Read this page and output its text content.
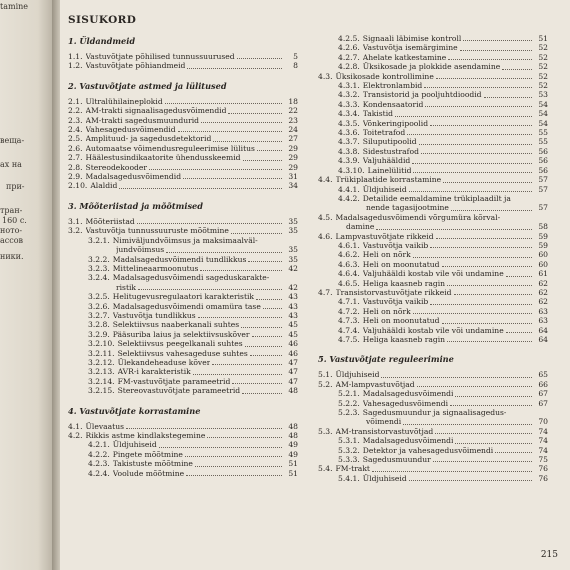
tamine
вещa-
ах на
при-
тран-
160 с.
ното-
ассов
ники.
SISUKORD
1. Üldandmeid
1.1. Vastuvõtjate põhilised tunnussuurused	5
1.2. Vastuvõtjate põhiandmeid	8
2. Vastuvõtjate astmed ja lülitused
2.1. Ultralühilaineplokid	18
2.2. AM-trakti signaalisagedusvõimendid	22
2.3. AM-trakti sagedusmuundurid	23
2.4. Vahesagedusvõimendid	24
2.5. Amplituud- ja sagedusdetektorid	27
2.6. Automaatse võimendusreguleerimise lülitus	29
2.7. Häälestusindikaatorite ühendusskeemid	29
2.8. Stereodekooder	29
2.9. Madalsagedusvõimendid	31
2.10. Alaldid	34
3. Mõõteriistad ja mõõtmised
3.1. Mõõteriistad	35
3.2. Vastuvõtja tunnussuuruste mõõtmine	35
3.2.1. Nimiväljundvõimsus ja maksimaalväl-
jundvõimsus	35
3.2.2. Madalsagedusvõimendi tundlikkus	35
3.2.3. Mittelineaarmoonutus	42
3.2.4. Madalsagedusvõimendi sageduskarakte-
ristik	42
3.2.5. Helitugevusregulaatori karakteristik	43
3.2.6. Madalsagedusvõimendi omamüra tase	43
3.2.7. Vastuvõtja tundlikkus	43
3.2.8. Selektiivsus naaberkanali suhtes	45
3.2.9. Pääsuriba laius ja selektiivsuskõver	45
3.2.10. Selektiivsus peegelkanali suhtes	46
3.2.11. Selektiivsus vahesageduse suhtes	46
3.2.12. Ülekandeheaduse kõver	47
3.2.13. AVR-i karakteristik	47
3.2.14. FM-vastuvõtjate parameetrid	47
3.2.15. Stereovastuvõtjate parameetrid	48
4. Vastuvõtjate korrastamine
4.1. Ülevaatus	48
4.2. Rikkis astme kindlakstegemine	48
4.2.1. Üldjuhiseid	49
4.2.2. Pingete mõõtmine	49
4.2.3. Takistuste mõõtmine	51
4.2.4. Voolude mõõtmine	51
4.2.5. Signaali läbimise kontroll	51
4.2.6. Vastuvõtja isemärgimine	52
4.2.7. Ahelate katkestamine	52
4.2.8. Üksikosade ja plokkide asendamine	52
4.3. Üksikosade kontrollimine	52
4.3.1. Elektronlambid	52
4.3.2. Transistorid ja pooljuhtdioodid	53
4.3.3. Kondensaatorid	54
4.3.4. Takistid	54
4.3.5. Võnkeringipoolid	54
4.3.6. Toitetrafod	55
4.3.7. Siluputipoolid	55
4.3.8. Sidestustrafod	56
4.3.9. Valjuhääldid	56
4.3.10. Lainelülitid	56
4.4. Trükiplaatide korrastamine	57
4.4.1. Üldjuhiseid	57
4.4.2. Detailide eemaldamine trükiplaadilt ja
nende tagasijootmine	57
4.5. Madalsagedusvõimendi võrgumüra kõrval-
damine	58
4.6. Lampvastuvõtjate rikkeid	59
4.6.1. Vastuvõtja vaikib	59
4.6.2. Heli on nõrk	60
4.6.3. Heli on moonutatud	60
4.6.4. Valjuhääldi kostab vile või undamine	61
4.6.5. Heliga kaasneb ragin	62
4.7. Transistorvastuvõtjate rikkeid	62
4.7.1. Vastuvõtja vaikib	62
4.7.2. Heli on nõrk	63
4.7.3. Heli on moonutatud	63
4.7.4. Valjuhääldi kostab vile või undamine	64
4.7.5. Heliga kaasneb ragin	64
5. Vastuvõtjate reguleerimine
5.1. Üldjuhiseid	65
5.2. AM-lampvastuvõtjad	66
5.2.1. Madalsagedusvõimendi	67
5.2.2. Vahesagedusvõimendi	67
5.2.3. Sagedusmuundur ja signaalisagedus-
võimendi	70
5.3. AM-transistorvastuvõtjad	74
5.3.1. Madalsagedusvõimendi	74
5.3.2. Detektor ja vahesagedusvõimendi	74
5.3.3. Sagedusmuundur	75
5.4. FM-trakt	76
5.4.1. Üldjuhiseid	76
215
